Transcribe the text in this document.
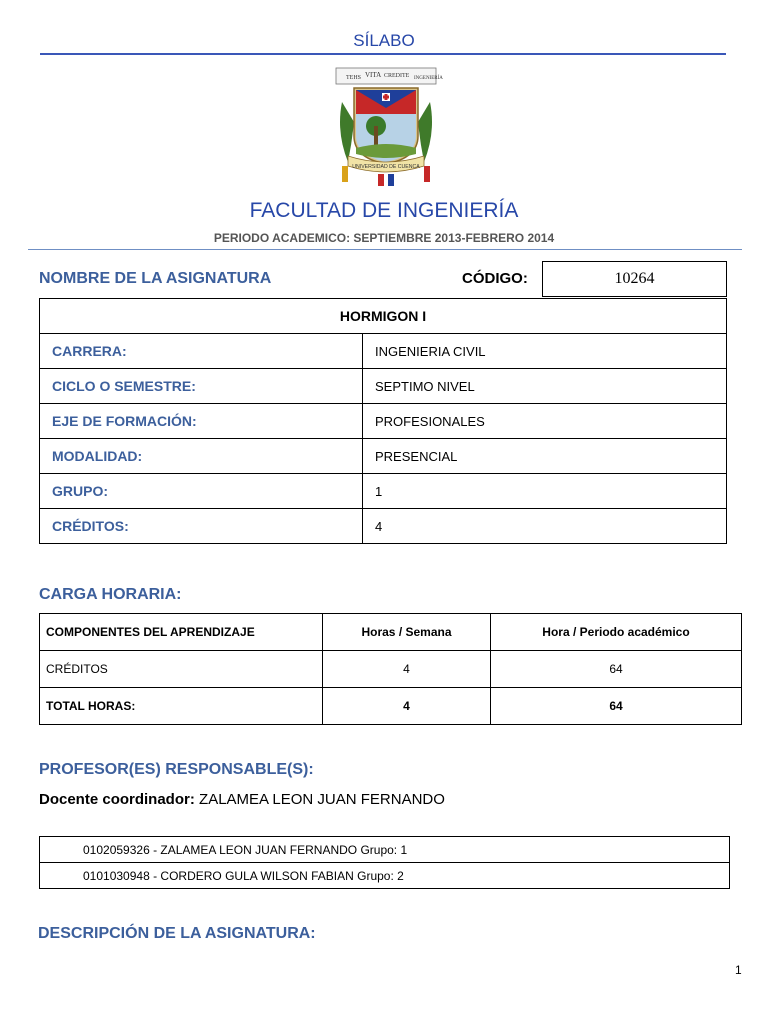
SÍLABO
TEHS VITA CREDITE INGENIERÍA
UNIVERSIDAD DE CUENCA
FACULTAD DE INGENIERÍA
PERIODO ACADEMICO: SEPTIEMBRE 2013-FEBRERO 2014
NOMBRE DE LA ASIGNATURA	CÓDIGO:	10264
HORMIGON I	
CARRERA:	INGENIERIA CIVIL
CICLO O SEMESTRE:	SEPTIMO NIVEL
EJE DE FORMACIÓN:	PROFESIONALES
MODALIDAD:	PRESENCIAL
GRUPO:	1
CRÉDITOS:	4
CARGA HORARIA:
COMPONENTES DEL APRENDIZAJE	Horas / Semana	Hora / Periodo académico
CRÉDITOS	4	64
TOTAL HORAS:	4	64
PROFESOR(ES) RESPONSABLE(S):
Docente coordinador: ZALAMEA LEON JUAN FERNANDO
0102059326 - ZALAMEA LEON JUAN FERNANDO Grupo: 1
0101030948 - CORDERO GULA WILSON FABIAN Grupo: 2
DESCRIPCIÓN DE LA ASIGNATURA:
1
